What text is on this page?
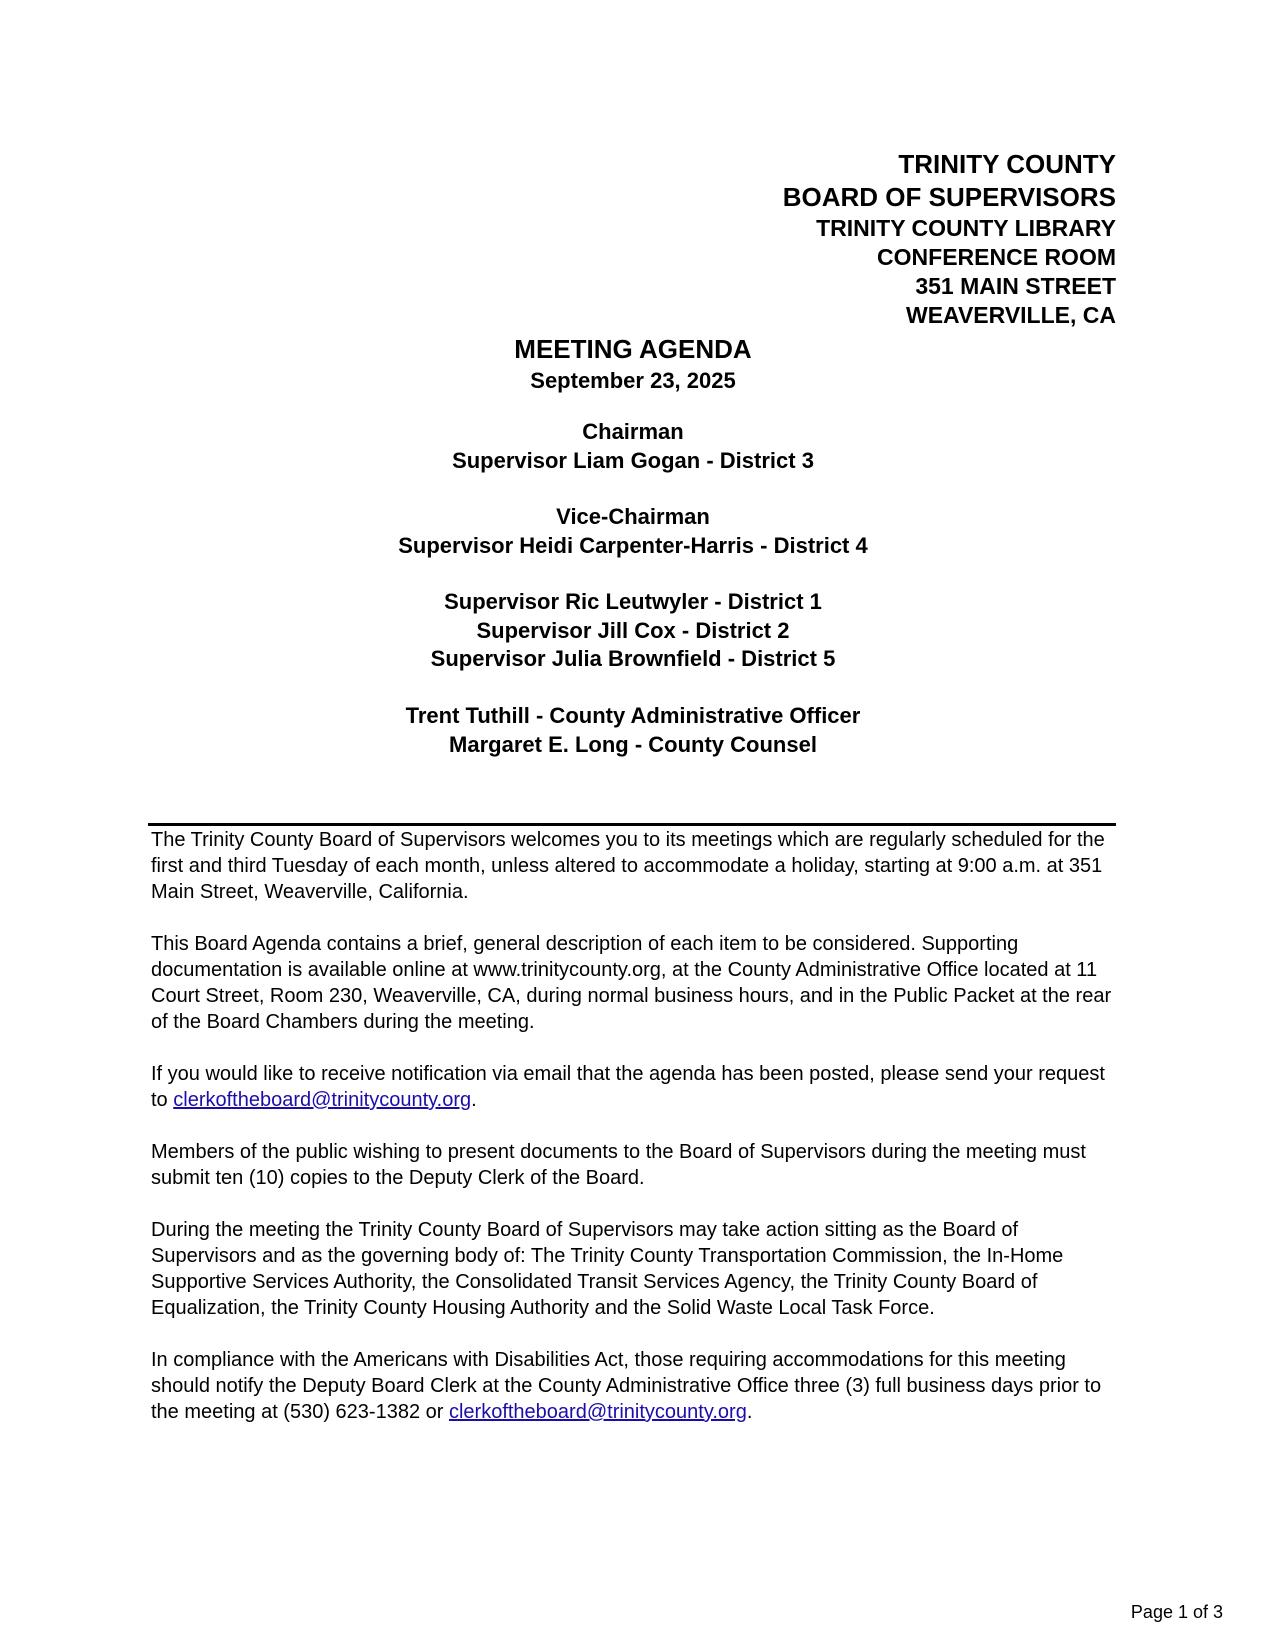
TRINITY COUNTY
BOARD OF SUPERVISORS
TRINITY COUNTY LIBRARY
CONFERENCE ROOM
351 MAIN STREET
WEAVERVILLE, CA
MEETING AGENDA
September 23, 2025
Chairman
Supervisor Liam Gogan - District 3
Vice-Chairman
Supervisor Heidi Carpenter-Harris - District 4
Supervisor Ric Leutwyler - District 1
Supervisor Jill Cox - District 2
Supervisor Julia Brownfield - District 5
Trent Tuthill - County Administrative Officer
Margaret E. Long - County Counsel

The Trinity County Board of Supervisors welcomes you to its meetings which are regularly scheduled for the first and third Tuesday of each month, unless altered to accommodate a holiday, starting at 9:00 a.m. at 351 Main Street, Weaverville, California.

This Board Agenda contains a brief, general description of each item to be considered. Supporting documentation is available online at www.trinitycounty.org, at the County Administrative Office located at 11 Court Street, Room 230, Weaverville, CA, during normal business hours, and in the Public Packet at the rear of the Board Chambers during the meeting.

If you would like to receive notification via email that the agenda has been posted, please send your request to clerkoftheboard@trinitycounty.org.

Members of the public wishing to present documents to the Board of Supervisors during the meeting must submit ten (10) copies to the Deputy Clerk of the Board.

During the meeting the Trinity County Board of Supervisors may take action sitting as the Board of Supervisors and as the governing body of: The Trinity County Transportation Commission, the In-Home Supportive Services Authority, the Consolidated Transit Services Agency, the Trinity County Board of Equalization, the Trinity County Housing Authority and the Solid Waste Local Task Force.

In compliance with the Americans with Disabilities Act, those requiring accommodations for this meeting should notify the Deputy Board Clerk at the County Administrative Office three (3) full business days prior to the meeting at (530) 623-1382 or clerkoftheboard@trinitycounty.org.

Page 1 of 3
